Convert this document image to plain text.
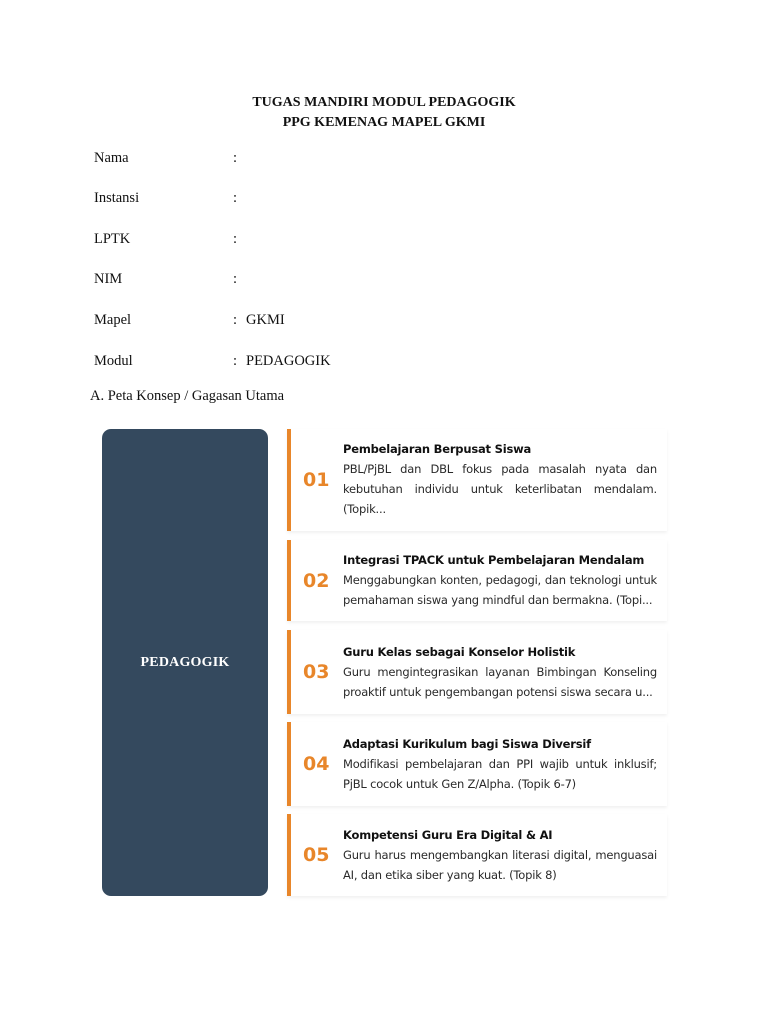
TUGAS MANDIRI MODUL PEDAGOGIK
PPG KEMENAG MAPEL GKMI
Nama	:
Instansi	:
LPTK	:
NIM	:
Mapel	: GKMI
Modul	: PEDAGOGIK
A. Peta Konsep / Gagasan Utama
PEDAGOGIK
01
Pembelajaran Berpusat Siswa
PBL/PjBL dan DBL fokus pada masalah nyata dan kebutuhan individu untuk keterlibatan mendalam. (Topik...
02
Integrasi TPACK untuk Pembelajaran Mendalam
Menggabungkan konten, pedagogi, dan teknologi untuk pemahaman siswa yang mindful dan bermakna. (Topi...
03
Guru Kelas sebagai Konselor Holistik
Guru mengintegrasikan layanan Bimbingan Konseling proaktif untuk pengembangan potensi siswa secara u...
04
Adaptasi Kurikulum bagi Siswa Diversif
Modifikasi pembelajaran dan PPI wajib untuk inklusif; PjBL cocok untuk Gen Z/Alpha. (Topik 6-7)
05
Kompetensi Guru Era Digital & AI
Guru harus mengembangkan literasi digital, menguasai AI, dan etika siber yang kuat. (Topik 8)
